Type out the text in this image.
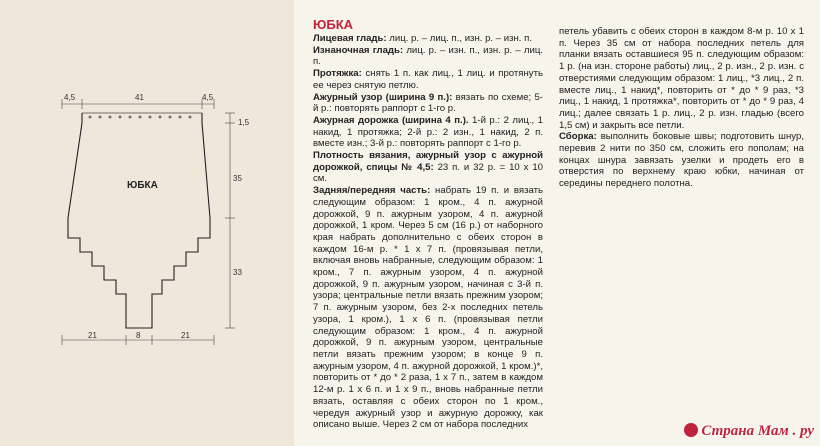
4,5	41	4,5
1,5
35
33
21	8	21
ЮБКА
ЮБКА
Лицевая гладь: лиц. р. – лиц. п., изн. р. – изн. п.
Изнаночная гладь: лиц. р. – изн. п., изн. р. – лиц. п.
Протяжка: снять 1 п. как лиц., 1 лиц. и протянуть ее через снятую петлю.
Ажурный узор (ширина 9 п.): вязать по схеме; 5-й р.: повторять раппорт с 1-го р.
Ажурная дорожка (ширина 4 п.). 1-й р.: 2 лиц., 1 накид, 1 протяжка; 2-й р.: 2 изн., 1 накид, 2 п. вместе изн.; 3-й р.: повторять раппорт с 1-го р.
Плотность вязания, ажурный узор с ажурной дорожкой, спицы № 4,5: 23 п. и 32 р. = 10 х 10 см.
Задняя/передняя часть: набрать 19 п. и вязать следующим образом: 1 кром., 4 п. ажурной дорожкой, 9 п. ажурным узором, 4 п. ажурной дорожкой, 1 кром. Через 5 см (16 р.) от наборного края набрать дополнительно с обеих сторон в каждом 16-м р. * 1 х 7 п. (провязывая петли, включая вновь набранные, следующим образом: 1 кром., 7 п. ажурным узором, 4 п. ажурной дорожкой, 9 п. ажурным узором, начиная с 3-й п. узора; центральные петли вязать прежним узором; 7 п. ажурным узором, без 2-х последних петель узора, 1 кром.), 1 х 6 п. (провязывая петли следующим образом: 1 кром., 4 п. ажурной дорожкой, 9 п. ажурным узором, центральные петли вязать прежним узором; в конце 9 п. ажурным узором, 4 п. ажурной дорожкой, 1 кром.)*, повторить от * до * 2 раза, 1 х 7 п., затем в каждом 12-м р. 1 х 6 п. и 1 х 9 п., вновь набранные петли вязать, оставляя с обеих сторон по 1 кром., чередуя ажурный узор и ажурную дорожку, как описано выше. Через 2 см от набора последних
петель убавить с обеих сторон в каждом 8-м р. 10 х 1 п. Через 35 см от набора последних петель для планки вязать оставшиеся 95 п. следующим образом: 1 р. (на изн. стороне работы) лиц., 2 р. изн., 2 р. изн. с отверстиями следующим образом: 1 лиц., *3 лиц., 2 п. вместе лиц., 1 накид*, повторить от * до * 9 раз, *3 лиц., 1 накид, 1 протяжка*, повторить от * до * 9 раз, 4 лиц.; далее связать 1 р. лиц., 2 р. изн. гладью (всего 1,5 см) и закрыть все петли.
Сборка: выполнить боковые швы; подготовить шнур, перевив 2 нити по 350 см, сложить его пополам; на концах шнура завязать узелки и продеть его в отверстия по верхнему краю юбки, начиная от середины переднего полотна.
Страна Мам . ру
